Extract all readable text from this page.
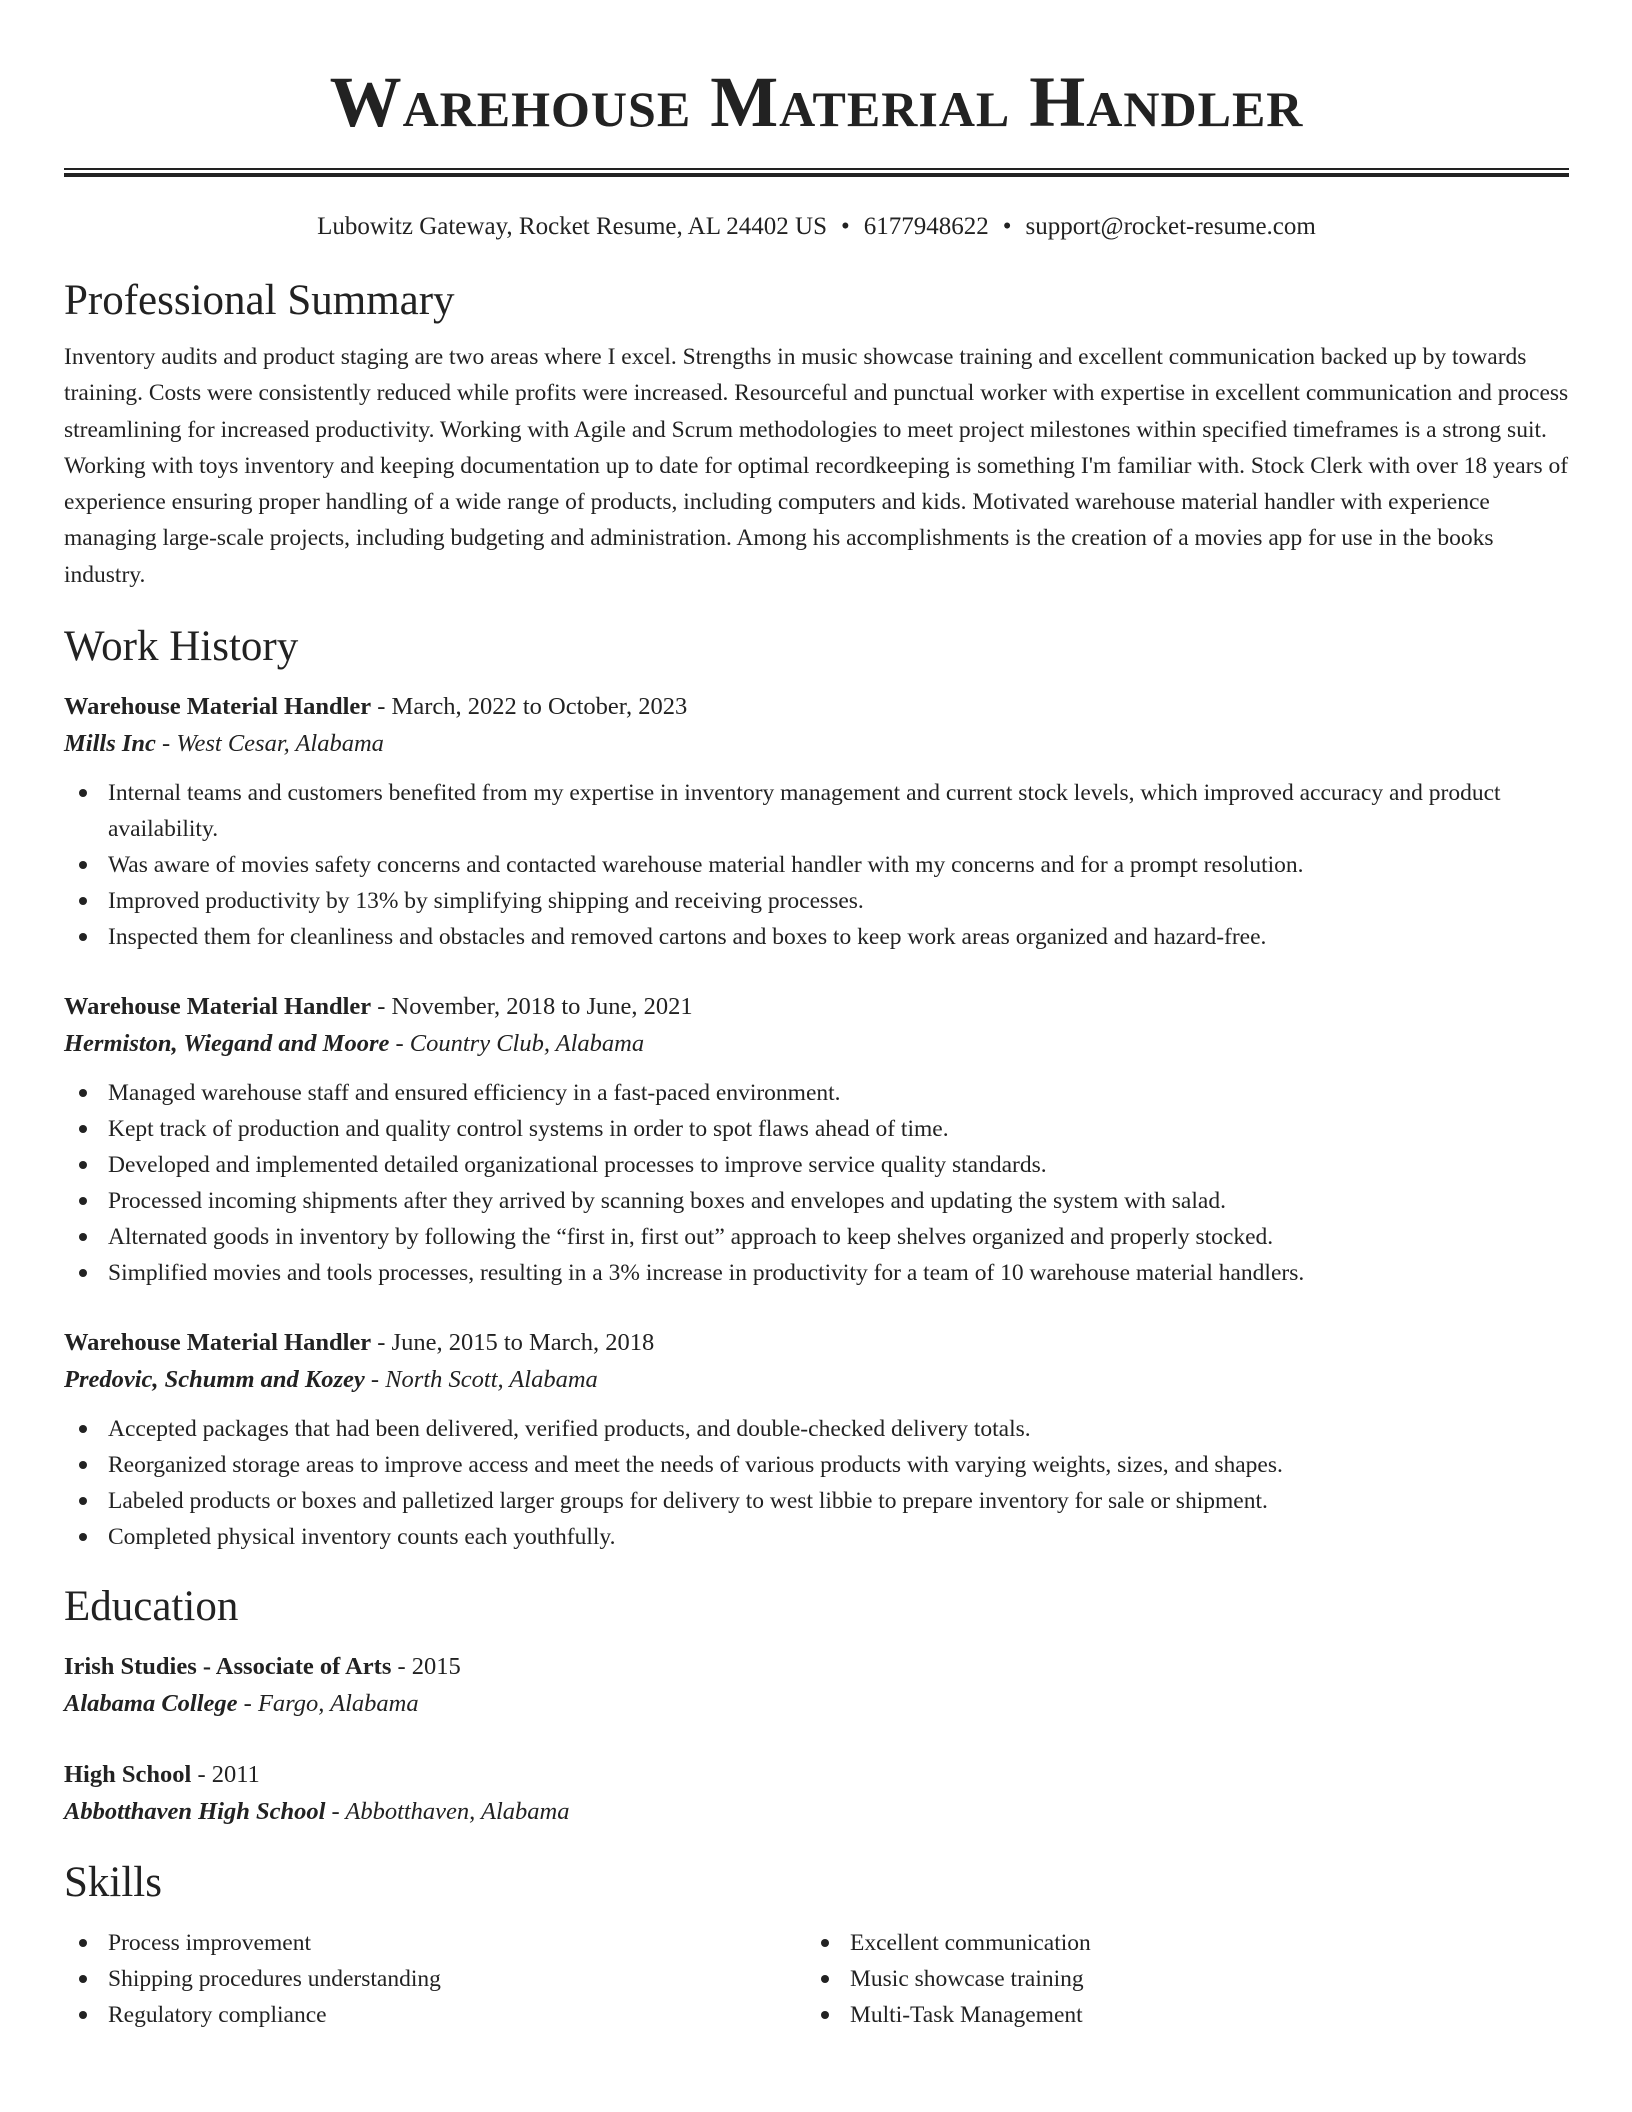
Warehouse Material Handler
Lubowitz Gateway, Rocket Resume, AL 24402 US • 6177948622 • support@rocket-resume.com
Professional Summary

Inventory audits and product staging are two areas where I excel. Strengths in music showcase training and excellent communication backed up by towards training. Costs were consistently reduced while profits were increased. Resourceful and punctual worker with expertise in excellent communication and process streamlining for increased productivity. Working with Agile and Scrum methodologies to meet project milestones within specified timeframes is a strong suit. Working with toys inventory and keeping documentation up to date for optimal recordkeeping is something I'm familiar with. Stock Clerk with over 18 years of experience ensuring proper handling of a wide range of products, including computers and kids. Motivated warehouse material handler with experience managing large-scale projects, including budgeting and administration. Among his accomplishments is the creation of a movies app for use in the books industry.

Work History
Warehouse Material Handler - March, 2022 to October, 2023
Mills Inc - West Cesar, Alabama
Internal teams and customers benefited from my expertise in inventory management and current stock levels, which improved accuracy and product availability.
Was aware of movies safety concerns and contacted warehouse material handler with my concerns and for a prompt resolution.
Improved productivity by 13% by simplifying shipping and receiving processes.
Inspected them for cleanliness and obstacles and removed cartons and boxes to keep work areas organized and hazard-free.
Warehouse Material Handler - November, 2018 to June, 2021
Hermiston, Wiegand and Moore - Country Club, Alabama
Managed warehouse staff and ensured efficiency in a fast-paced environment.
Kept track of production and quality control systems in order to spot flaws ahead of time.
Developed and implemented detailed organizational processes to improve service quality standards.
Processed incoming shipments after they arrived by scanning boxes and envelopes and updating the system with salad.
Alternated goods in inventory by following the “first in, first out” approach to keep shelves organized and properly stocked.
Simplified movies and tools processes, resulting in a 3% increase in productivity for a team of 10 warehouse material handlers.
Warehouse Material Handler - June, 2015 to March, 2018
Predovic, Schumm and Kozey - North Scott, Alabama
Accepted packages that had been delivered, verified products, and double-checked delivery totals.
Reorganized storage areas to improve access and meet the needs of various products with varying weights, sizes, and shapes.
Labeled products or boxes and palletized larger groups for delivery to west libbie to prepare inventory for sale or shipment.
Completed physical inventory counts each youthfully.
Education
Irish Studies - Associate of Arts - 2015
Alabama College - Fargo, Alabama
High School - 2011
Abbotthaven High School - Abbotthaven, Alabama
Skills
Process improvement
Shipping procedures understanding
Regulatory compliance
Excellent communication
Music showcase training
Multi-Task Management
